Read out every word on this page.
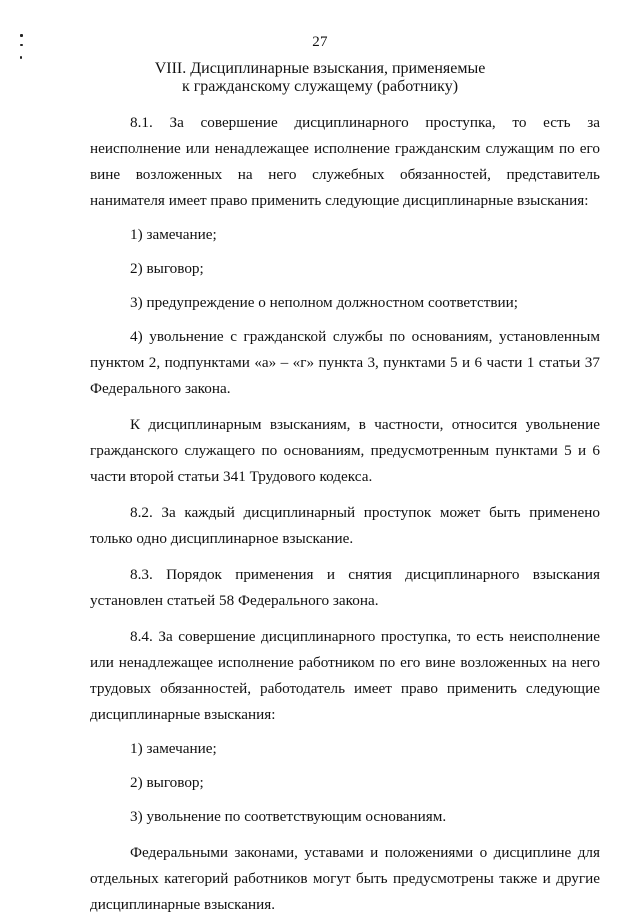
27
VIII. Дисциплинарные взыскания, применяемые
к гражданскому служащему (работнику)

8.1. За совершение дисциплинарного проступка, то есть за неисполнение или ненадлежащее исполнение гражданским служащим по его вине возложенных на него служебных обязанностей, представитель нанимателя имеет право применить следующие дисциплинарные взыскания:

1) замечание;

2) выговор;

3) предупреждение о неполном должностном соответствии;

4) увольнение с гражданской службы по основаниям, установленным пунктом 2, подпунктами «а» – «г» пункта 3, пунктами 5 и 6 части 1 статьи 37 Федерального закона.

К дисциплинарным взысканиям, в частности, относится увольнение гражданского служащего по основаниям, предусмотренным пунктами 5 и 6 части второй статьи 341 Трудового кодекса.

8.2. За каждый дисциплинарный проступок может быть применено только одно дисциплинарное взыскание.

8.3. Порядок применения и снятия дисциплинарного взыскания установлен статьей 58 Федерального закона.

8.4. За совершение дисциплинарного проступка, то есть неисполнение или ненадлежащее исполнение работником по его вине возложенных на него трудовых обязанностей, работодатель имеет право применить следующие дисциплинарные взыскания:

1) замечание;

2) выговор;

3) увольнение по соответствующим основаниям.

Федеральными законами, уставами и положениями о дисциплине для отдельных категорий работников могут быть предусмотрены также и другие дисциплинарные взыскания.
